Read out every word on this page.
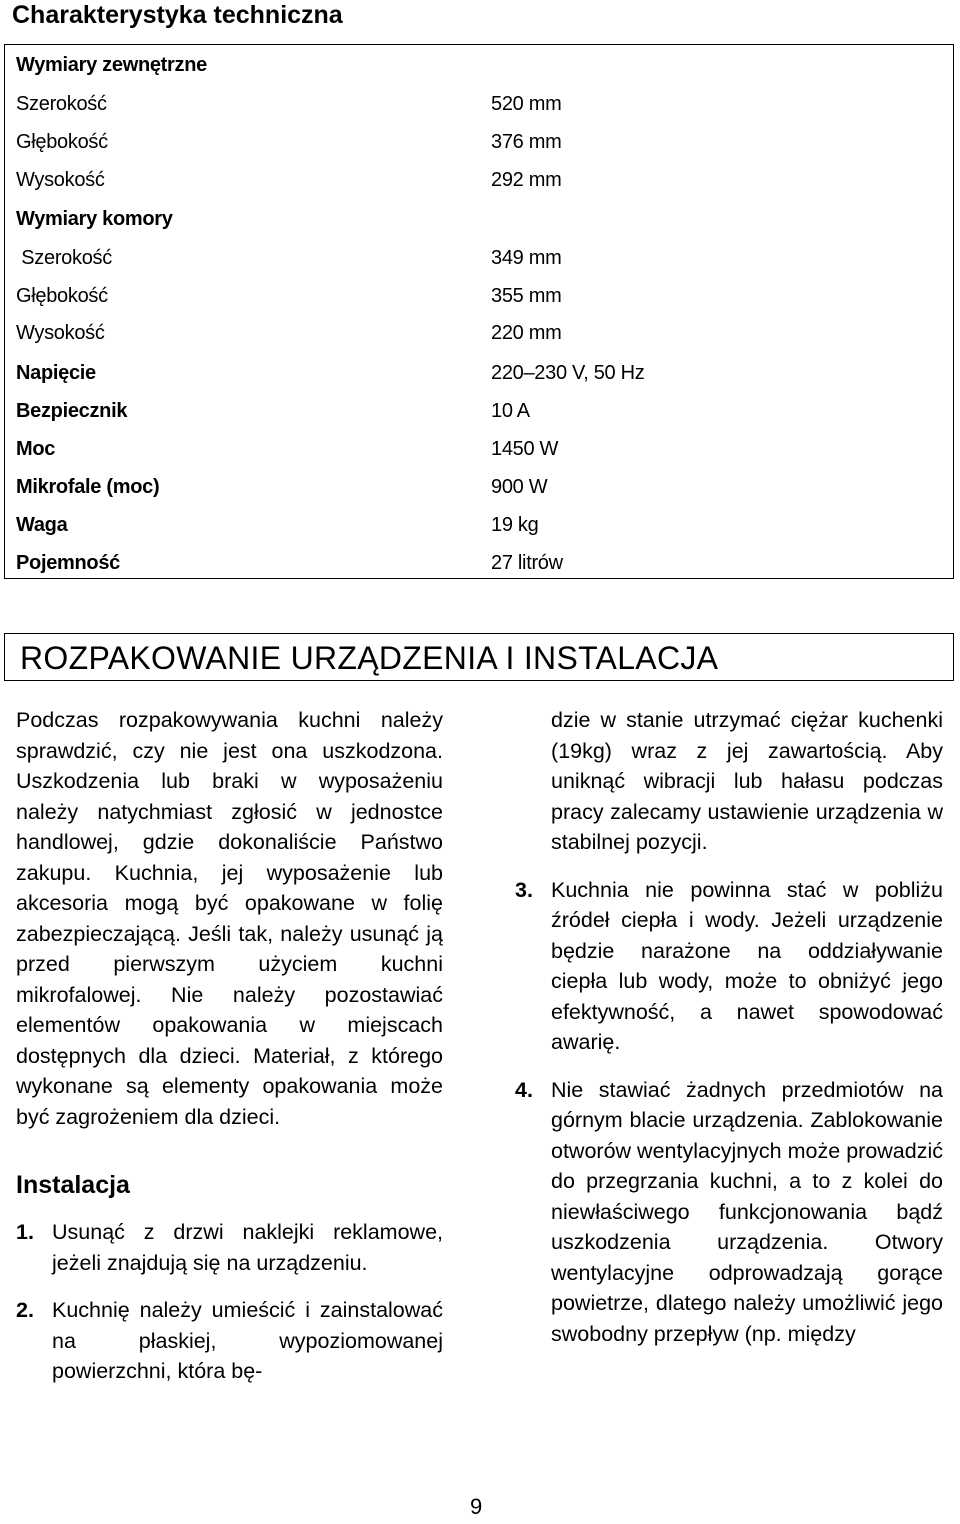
Charakterystyka techniczna
Wymiary zewnętrzne
Szerokość	520 mm
Głębokość	376 mm
Wysokość	292 mm
Wymiary komory
Szerokość	349 mm
Głębokość	355 mm
Wysokość	220 mm
Napięcie	220–230 V, 50 Hz
Bezpiecznik	10 A
Moc	1450 W
Mikrofale (moc)	900 W
Waga	19 kg
Pojemność	27 litrów
ROZPAKOWANIE URZĄDZENIA I INSTALACJA

Podczas rozpakowywania kuchni należy sprawdzić, czy nie jest ona uszkodzona. Uszkodzenia lub braki w wyposażeniu należy natychmiast zgłosić w jednostce handlowej, gdzie dokonaliście Państwo zakupu. Kuchnia, jej wyposażenie lub akcesoria mogą być opakowane w folię zabezpieczającą. Jeśli tak, należy usunąć ją przed pierwszym użyciem kuchni mikrofalowej. Nie należy pozostawiać elementów opakowania w miejscach dostępnych dla dzieci. Materiał, z którego wykonane są elementy opakowania może być zagrożeniem dla dzieci.

Instalacja
1. Usunąć z drzwi naklejki reklamowe, jeżeli znajdują się na urządzeniu.
2. Kuchnię należy umieścić i zainstalować na płaskiej, wypoziomowanej powierzchni, która bę-

dzie w stanie utrzymać ciężar kuchenki (19kg) wraz z jej zawartością. Aby uniknąć wibracji lub hałasu podczas pracy zalecamy ustawienie urządzenia w stabilnej pozycji.

3. Kuchnia nie powinna stać w pobliżu źródeł ciepła i wody. Jeżeli urządzenie będzie narażone na oddziaływanie ciepła lub wody, może to obniżyć jego efektywność, a nawet spowodować awarię.
4. Nie stawiać żadnych przedmiotów na górnym blacie urządzenia. Zablokowanie otworów wentylacyjnych może prowadzić do przegrzania kuchni, a to z kolei do niewłaściwego funkcjonowania bądź uszkodzenia urządzenia. Otwory wentylacyjne odprowadzają gorące powietrze, dlatego należy umożliwić jego swobodny przepływ (np. między
9
